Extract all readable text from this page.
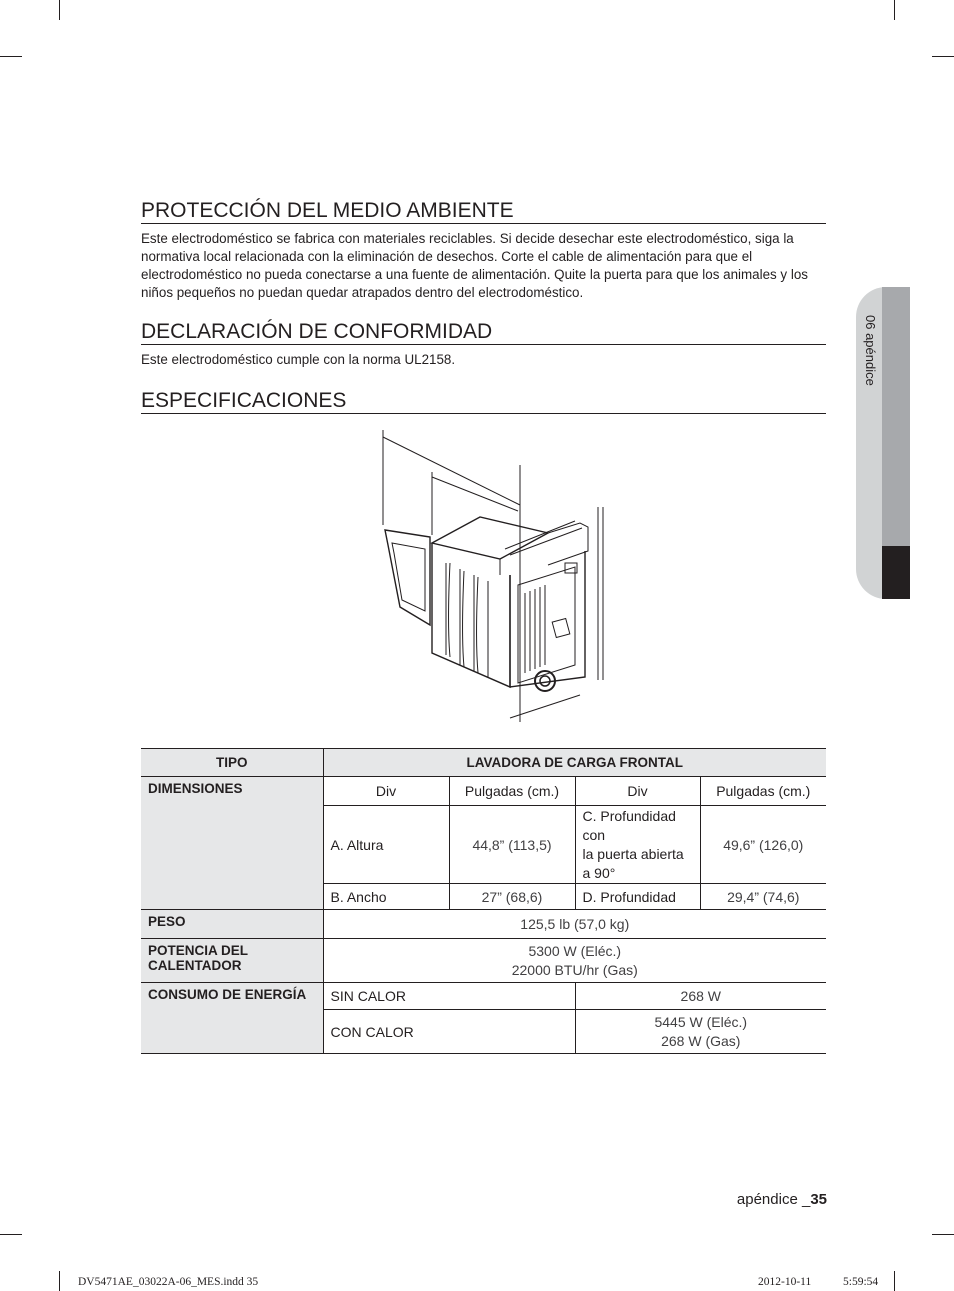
06 apéndice
PROTECCIÓN DEL MEDIO AMBIENTE

Este electrodoméstico se fabrica con materiales reciclables. Si decide desechar este electrodoméstico, siga la normativa local relacionada con la eliminación de desechos. Corte el cable de alimentación para que el electrodoméstico no pueda conectarse a una fuente de alimentación. Quite la puerta para que los animales y los niños pequeños no puedan quedar atrapados dentro del electrodoméstico.

DECLARACIÓN DE CONFORMIDAD

Este electrodoméstico cumple con la norma UL2158.

ESPECIFICACIONES
TIPO	LAVADORA DE CARGA FRONTAL			
DIMENSIONES	Div	Pulgadas (cm.)	Div	Pulgadas (cm.)
	A. Altura	44,8” (113,5)	C. Profundidad con
la puerta abierta a 90°	49,6” (126,0)
	B. Ancho	27” (68,6)	D. Profundidad	29,4” (74,6)
PESO	125,5 lb (57,0 kg)			
POTENCIA DEL CALENTADOR	5300 W (Eléc.)
22000 BTU/hr (Gas)			
CONSUMO DE ENERGÍA	SIN CALOR		268 W	
	CON CALOR		5445 W (Eléc.)
268 W (Gas)	
apéndice _35
DV5471AE_03022A-06_MES.indd 35	2012-10-11	5:59:54
